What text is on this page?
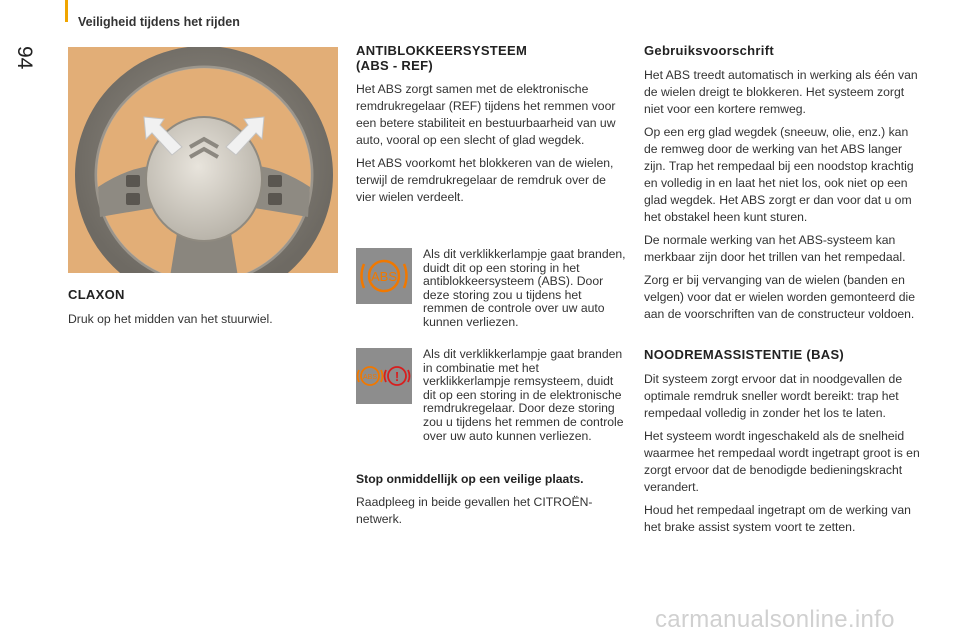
Veiligheid tijdens het rijden
94
CLAXON

Druk op het midden van het stuurwiel.

ANTIBLOKKEERSYSTEEM
(ABS - REF)

Het ABS zorgt samen met de elektronische remdrukregelaar (REF) tijdens het remmen voor een betere stabiliteit en bestuurbaarheid van uw auto, vooral op een slecht of glad wegdek.

Het ABS voorkomt het blokkeren van de wielen, terwijl de remdrukregelaar de remdruk over de vier wielen verdeelt.

ABS
Als dit verklikkerlampje gaat branden, duidt dit op een storing in het antiblokkeersysteem (ABS). Door deze storing zou u tijdens het remmen de controle over uw auto kunnen verliezen.
ABS !
Als dit verklikkerlampje gaat branden in combinatie met het verklikkerlampje remsysteem, duidt dit op een storing in de elektronische remdrukregelaar. Door deze storing zou u tijdens het remmen de controle over uw auto kunnen verliezen.
Stop onmiddellijk op een veilige plaats.

Raadpleeg in beide gevallen het CITROËN-netwerk.

Gebruiksvoorschrift

Het ABS treedt automatisch in werking als één van de wielen dreigt te blokkeren. Het systeem zorgt niet voor een kortere remweg.

Op een erg glad wegdek (sneeuw, olie, enz.) kan de remweg door de werking van het ABS langer zijn. Trap het rempedaal bij een noodstop krachtig en volledig in en laat het niet los, ook niet op een glad wegdek. Het ABS zorgt er dan voor dat u om het obstakel heen kunt sturen.

De normale werking van het ABS-systeem kan merkbaar zijn door het trillen van het rempedaal.

Zorg er bij vervanging van de wielen (banden en velgen) voor dat er wielen worden gemonteerd die aan de voorschriften van de constructeur voldoen.

NOODREMASSISTENTIE (BAS)

Dit systeem zorgt ervoor dat in noodgevallen de optimale remdruk sneller wordt bereikt: trap het rempedaal volledig in zonder het los te laten.

Het systeem wordt ingeschakeld als de snelheid waarmee het rempedaal wordt ingetrapt groot is en zorgt ervoor dat de benodigde bedieningskracht verandert.

Houd het rempedaal ingetrapt om de werking van het brake assist system voort te zetten.

carmanualsonline.info
